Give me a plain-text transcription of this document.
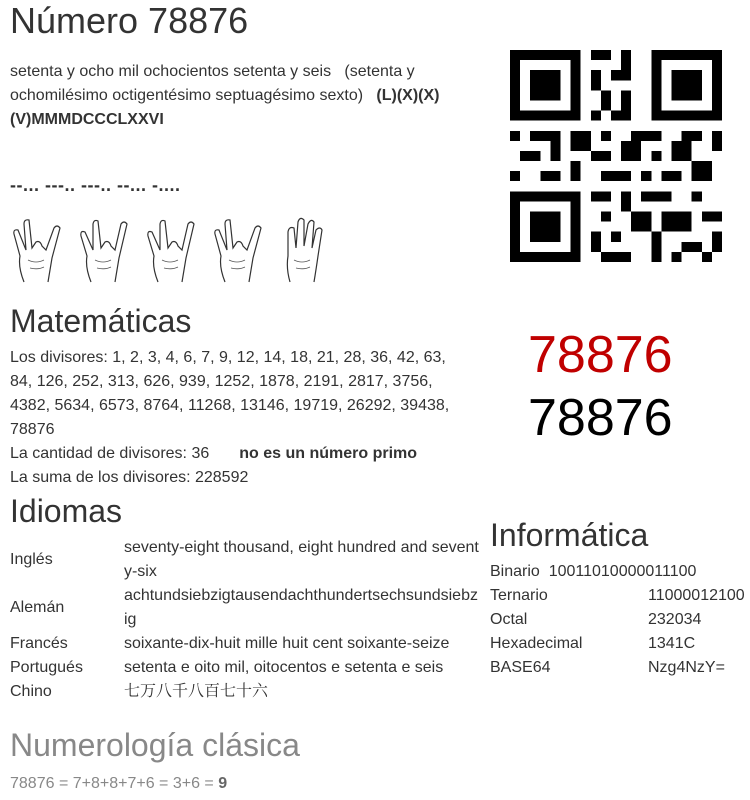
Número 78876
setenta y ocho mil ochocientos setenta y seis (setenta y ochomilésimo octigentésimo septuagésimo sexto) (L)(X)(X)(V)MMMDCCCLXXVI
--... ---.. ---.. --... -....
Matemáticas
Los divisores: 1, 2, 3, 4, 6, 7, 9, 12, 14, 18, 21, 28, 36, 42, 63, 84, 126, 252, 313, 626, 939, 1252, 1878, 2191, 2817, 3756, 4382, 5634, 6573, 8764, 11268, 13146, 19719, 26292, 39438, 78876
La cantidad de divisores: 36 no es un número primo
La suma de los divisores: 228592
78876
78876
Idiomas
Inglés	seventy-eight thousand, eight hundred and seventy-six
Alemán	achtundsiebzigtausendachthundertsechsundsiebzig
Francés	soixante-dix-huit mille huit cent soixante-seize
Portugués	setenta e oito mil, oitocentos e setenta e seis
Chino	七万八千八百七十六
Informática
Binario 10011010000011100	
Ternario	11000012100
Octal	232034
Hexadecimal	1341C
BASE64	Nzg4NzY=
Numerología clásica
78876 = 7+8+8+7+6 = 3+6 = 9
